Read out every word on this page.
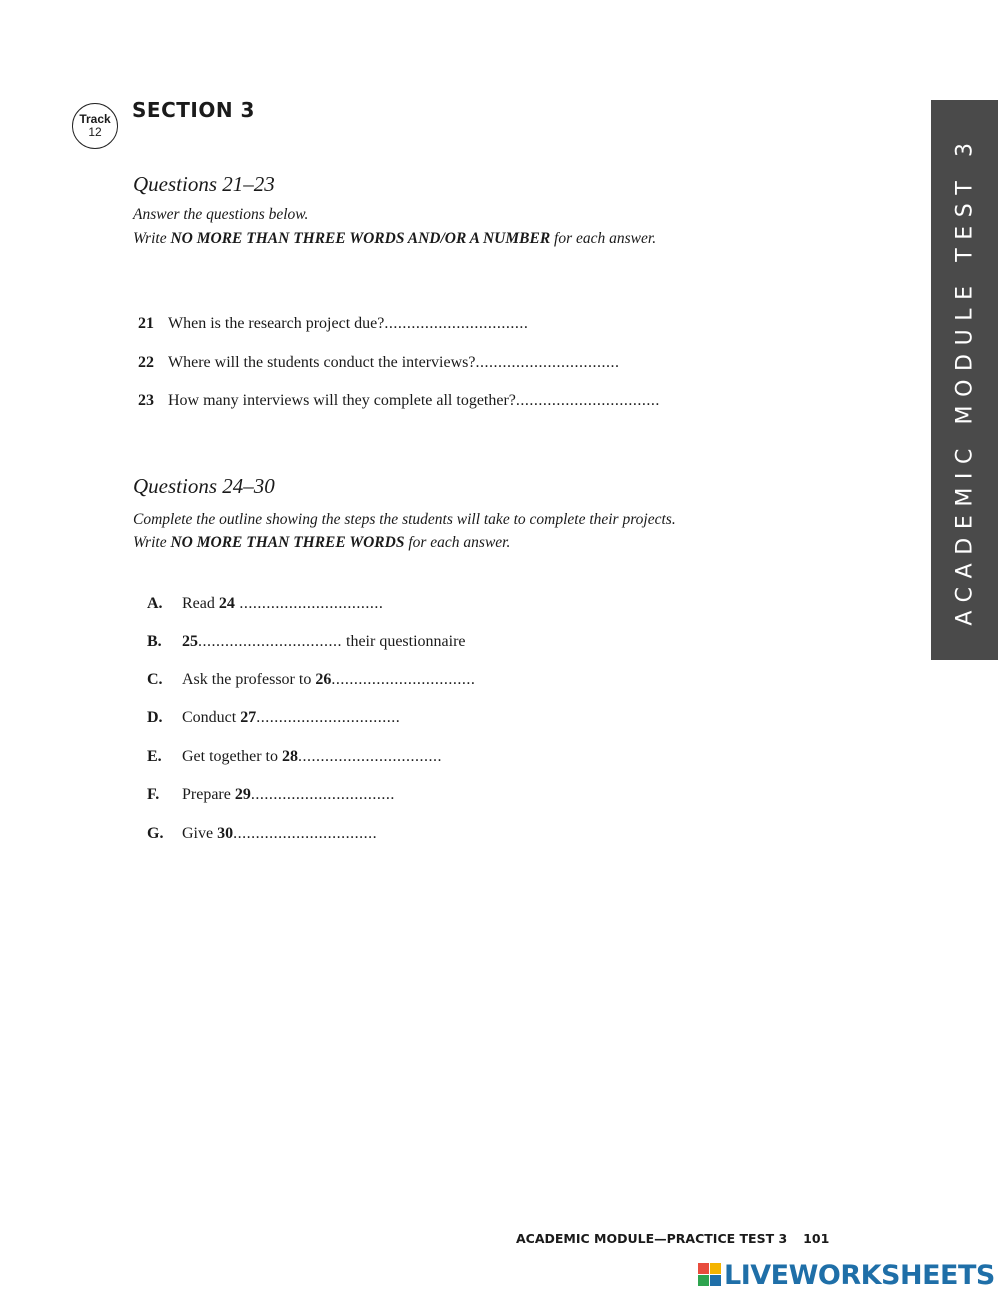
Track
12
SECTION 3
Questions 21–23

Answer the questions below.

Write NO MORE THAN THREE WORDS AND/OR A NUMBER for each answer.

21 When is the research project due?................................
22 Where will the students conduct the interviews?................................
23 How many interviews will they complete all together?................................
Questions 24–30

Complete the outline showing the steps the students will take to complete their projects.

Write NO MORE THAN THREE WORDS for each answer.

A. Read 24 ................................
B. 25................................ their questionnaire
C. Ask the professor to 26................................
D. Conduct 27................................
E. Get together to 28................................
F. Prepare 29................................
G. Give 30................................
ACADEMIC MODULE TEST 3
ACADEMIC MODULE—PRACTICE TEST 3 101
LIVEWORKSHEETS
